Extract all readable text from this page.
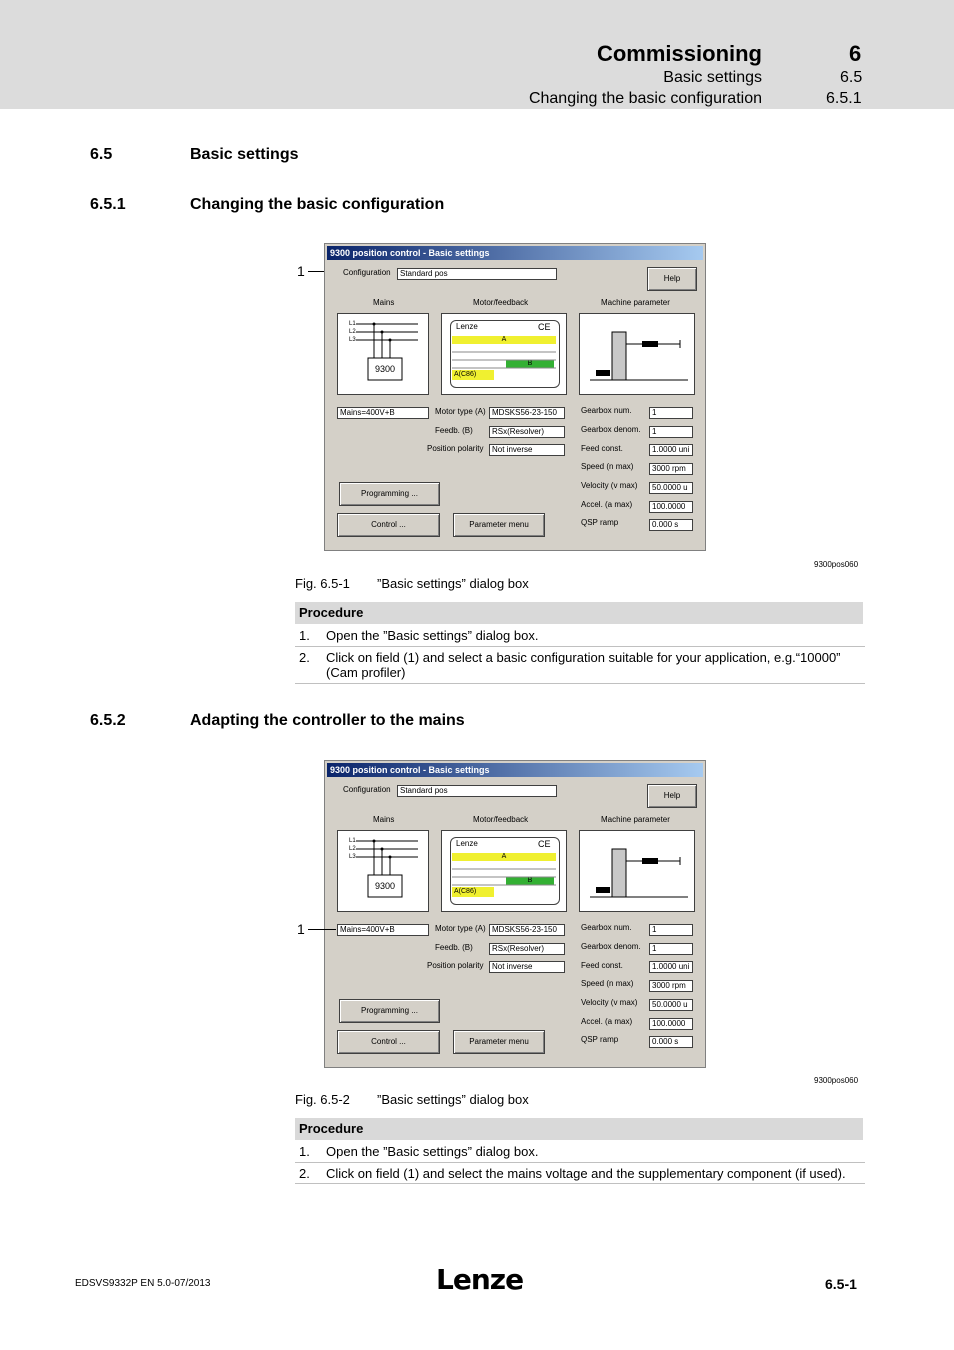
Commissioning	6
Basic settings	6.5
Changing the basic configuration	6.5.1
6.5	Basic settings
6.5.1	Changing the basic configuration
1
9300 position control - Basic settings
Configuration	Standard pos
Help
Mains	Motor/feedback	Machine parameter
L1
L2
L3
9300
Lenze	CE
A
B
A(C86)
Mains=400V+B	Motor type (A) MDSKS56-23-150
Feedb. (B)	RSx(Resolver)
Position polarity	Not inverse
Gearbox num.	1
Gearbox denom.	1
Feed const.	1.0000 uni
Speed (n max)	3000 rpm
Velocity (v max)	50.0000 u
Accel. (a max)	100.0000
QSP ramp	0.000 s
Programming ...
Control ...	Parameter menu
9300pos060
Fig. 6.5-1 ”Basic settings” dialog box
Procedure
1. Open the ”Basic settings” dialog box.
2. Click on field (1) and select a basic configuration suitable for your application, e.g.“10000” (Cam profiler)
6.5.2	Adapting the controller to the mains
9300 position control - Basic settings
Configuration	Standard pos
Help
Mains	Motor/feedback	Machine parameter
L1
L2
L3
9300
Lenze	CE
A
B
A(C86)
Mains=400V+B	Motor type (A) MDSKS56-23-150
Feedb. (B)	RSx(Resolver)
Position polarity	Not inverse
Gearbox num.	1
Gearbox denom.	1
Feed const.	1.0000 uni
Speed (n max)	3000 rpm
Velocity (v max)	50.0000 u
Accel. (a max)	100.0000
QSP ramp	0.000 s
Programming ...
Control ...	Parameter menu
1
9300pos060
Fig. 6.5-2 ”Basic settings” dialog box
Procedure
1. Open the ”Basic settings” dialog box.
2. Click on field (1) and select the mains voltage and the supplementary component (if used).
EDSVS9332P EN 5.0-07/2013	Lenze	6.5-1
